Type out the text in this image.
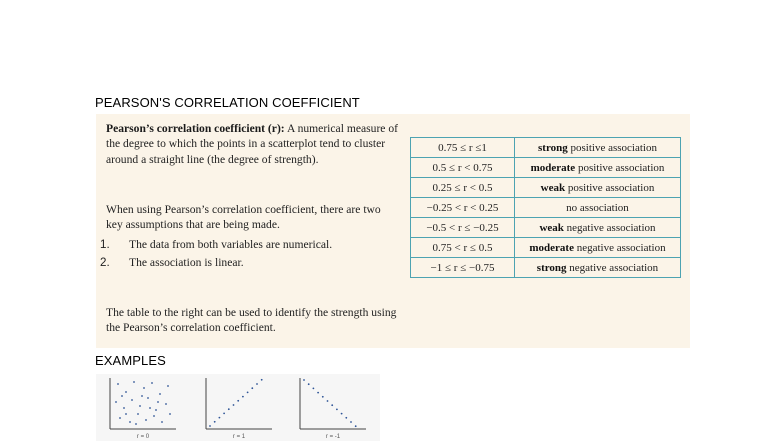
PEARSON'S CORRELATION COEFFICIENT
Pearson’s correlation coefficient (r): A numerical measure of the degree to which the points in a scatterplot tend to cluster around a straight line (the degree of strength).
When using Pearson’s correlation coefficient, there are two
key assumptions that are being made.
1.	The data from both variables are numerical.
2.	The association is linear.
The table to the right can be used to identify the strength using the Pearson’s correlation coefficient.
0.75 ≤ r ≤1	strong positive association
0.5 ≤ r < 0.75	moderate positive association
0.25 ≤ r < 0.5	weak positive association
−0.25 < r < 0.25	no association
−0.5 < r ≤ −0.25	weak negative association
0.75 < r ≤ 0.5	moderate negative association
−1 ≤ r ≤ −0.75	strong negative association
EXAMPLES
r = 0	r = 1	r = -1
